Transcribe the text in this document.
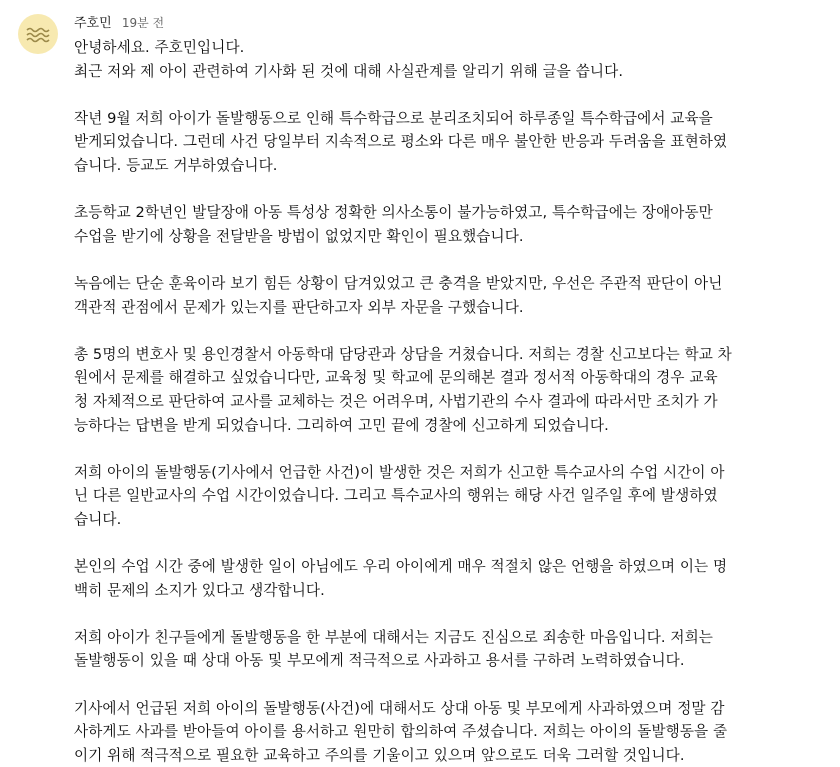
주호민 19분 전

안녕하세요. 주호민입니다.
최근 저와 제 아이 관련하여 기사화 된 것에 대해 사실관계를 알리기 위해 글을 씁니다.

작년 9월 저희 아이가 돌발행동으로 인해 특수학급으로 분리조치되어 하루종일 특수학급에서 교육을
받게되었습니다. 그런데 사건 당일부터 지속적으로 평소와 다른 매우 불안한 반응과 두려움을 표현하였
습니다. 등교도 거부하였습니다.

초등학교 2학년인 발달장애 아동 특성상 정확한 의사소통이 불가능하였고, 특수학급에는 장애아동만
수업을 받기에 상황을 전달받을 방법이 없었지만 확인이 필요했습니다.

녹음에는 단순 훈육이라 보기 힘든 상황이 담겨있었고 큰 충격을 받았지만, 우선은 주관적 판단이 아닌
객관적 관점에서 문제가 있는지를 판단하고자 외부 자문을 구했습니다.

총 5명의 변호사 및 용인경찰서 아동학대 담당관과 상담을 거쳤습니다. 저희는 경찰 신고보다는 학교 차
원에서 문제를 해결하고 싶었습니다만, 교육청 및 학교에 문의해본 결과 정서적 아동학대의 경우 교육
청 자체적으로 판단하여 교사를 교체하는 것은 어려우며, 사법기관의 수사 결과에 따라서만 조치가 가
능하다는 답변을 받게 되었습니다. 그리하여 고민 끝에 경찰에 신고하게 되었습니다.

저희 아이의 돌발행동(기사에서 언급한 사건)이 발생한 것은 저희가 신고한 특수교사의 수업 시간이 아
닌 다른 일반교사의 수업 시간이었습니다. 그리고 특수교사의 행위는 해당 사건 일주일 후에 발생하였
습니다.

본인의 수업 시간 중에 발생한 일이 아님에도 우리 아이에게 매우 적절치 않은 언행을 하였으며 이는 명
백히 문제의 소지가 있다고 생각합니다.

저희 아이가 친구들에게 돌발행동을 한 부분에 대해서는 지금도 진심으로 죄송한 마음입니다. 저희는
돌발행동이 있을 때 상대 아동 및 부모에게 적극적으로 사과하고 용서를 구하려 노력하였습니다.

기사에서 언급된 저희 아이의 돌발행동(사건)에 대해서도 상대 아동 및 부모에게 사과하였으며 정말 감
사하게도 사과를 받아들여 아이를 용서하고 원만히 합의하여 주셨습니다. 저희는 아이의 돌발행동을 줄
이기 위해 적극적으로 필요한 교육하고 주의를 기울이고 있으며 앞으로도 더욱 그러할 것입니다.
